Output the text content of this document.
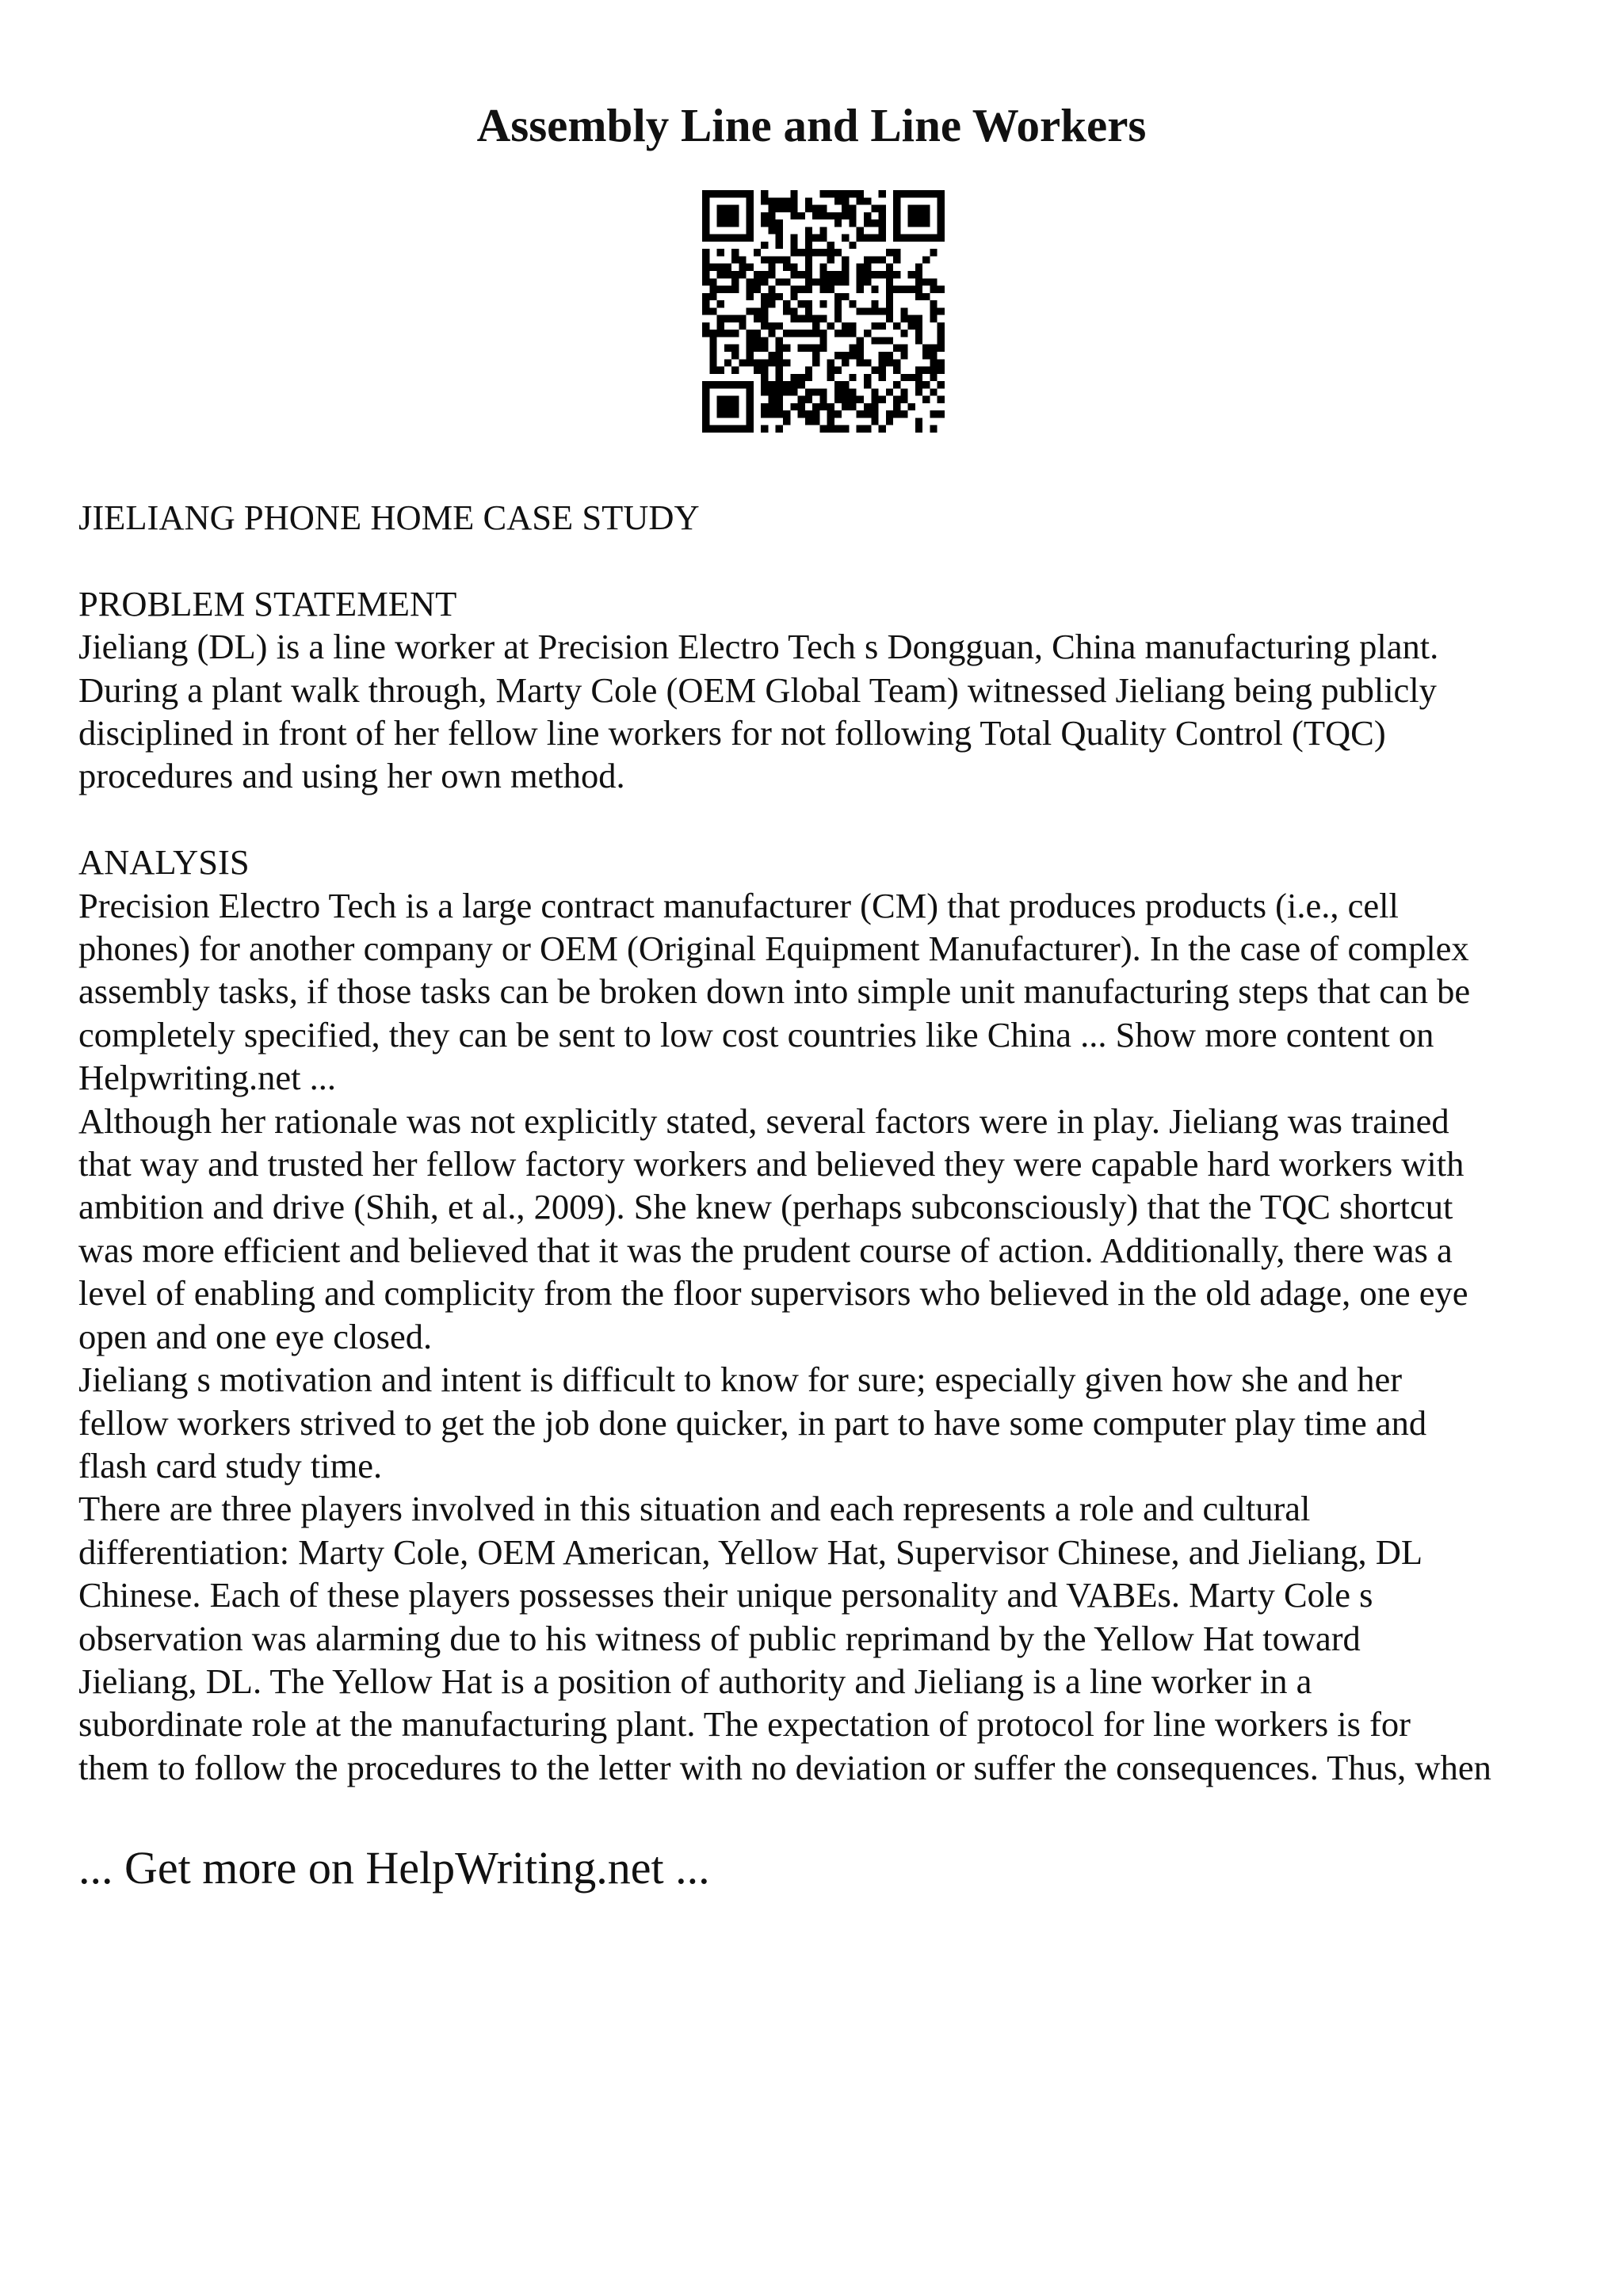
Assembly Line and Line Workers

JIELIANG PHONE HOME CASE STUDY

PROBLEM STATEMENT

Jieliang (DL) is a line worker at Precision Electro Tech s Dongguan, China manufacturing plant.
During a plant walk through, Marty Cole (OEM Global Team) witnessed Jieliang being publicly
disciplined in front of her fellow line workers for not following Total Quality Control (TQC)
procedures and using her own method.

ANALYSIS

Precision Electro Tech is a large contract manufacturer (CM) that produces products (i.e., cell
phones) for another company or OEM (Original Equipment Manufacturer). In the case of complex
assembly tasks, if those tasks can be broken down into simple unit manufacturing steps that can be
completely specified, they can be sent to low cost countries like China ... Show more content on
Helpwriting.net ...

Although her rationale was not explicitly stated, several factors were in play. Jieliang was trained
that way and trusted her fellow factory workers and believed they were capable hard workers with
ambition and drive (Shih, et al., 2009). She knew (perhaps subconsciously) that the TQC shortcut
was more efficient and believed that it was the prudent course of action. Additionally, there was a
level of enabling and complicity from the floor supervisors who believed in the old adage, one eye
open and one eye closed.

Jieliang s motivation and intent is difficult to know for sure; especially given how she and her
fellow workers strived to get the job done quicker, in part to have some computer play time and
flash card study time.

There are three players involved in this situation and each represents a role and cultural
differentiation: Marty Cole, OEM American, Yellow Hat, Supervisor Chinese, and Jieliang, DL
Chinese. Each of these players possesses their unique personality and VABEs. Marty Cole s
observation was alarming due to his witness of public reprimand by the Yellow Hat toward
Jieliang, DL. The Yellow Hat is a position of authority and Jieliang is a line worker in a
subordinate role at the manufacturing plant. The expectation of protocol for line workers is for
them to follow the procedures to the letter with no deviation or suffer the consequences. Thus, when

... Get more on HelpWriting.net ...
